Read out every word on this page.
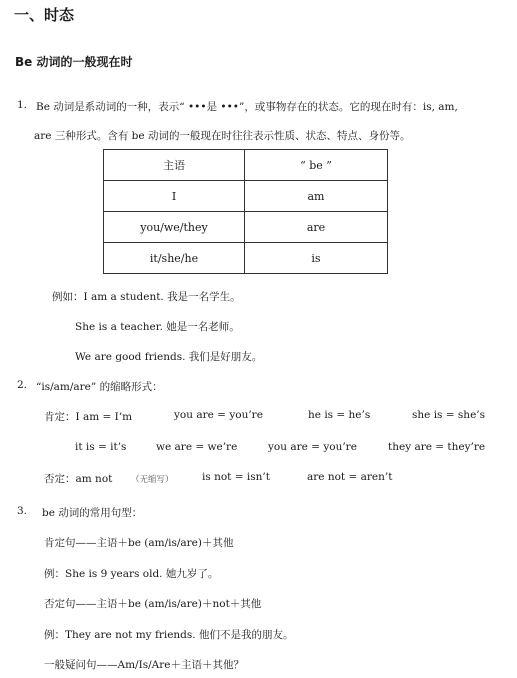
一、时态
Be 动词的一般现在时
1. Be 动词是系动词的一种，表示“ •••是 •••”，或事物存在的状态。它的现在时有：is, am,
are 三种形式。含有 be 动词的一般现在时往往表示性质、状态、特点、身份等。
主语	“ be ”
I	am
you/we/they	are
it/she/he	is
例如：I am a student. 我是一名学生。
She is a teacher. 她是一名老师。
We are good friends. 我们是好朋友。
2. “is/am/are” 的缩略形式：
肯定：I am = I’m	you are = you’re	he is = he’s	she is = she’s
it is = it’s	we are = we’re	you are = you’re	they are = they’re
否定：am not （无缩写）	is not = isn’t	are not = aren’t
3. be 动词的常用句型：
肯定句——主语＋be (am/is/are)＋其他
例：She is 9 years old. 她九岁了。
否定句——主语＋be (am/is/are)＋not＋其他
例：They are not my friends. 他们不是我的朋友。
一般疑问句——Am/Is/Are＋主语＋其他？
